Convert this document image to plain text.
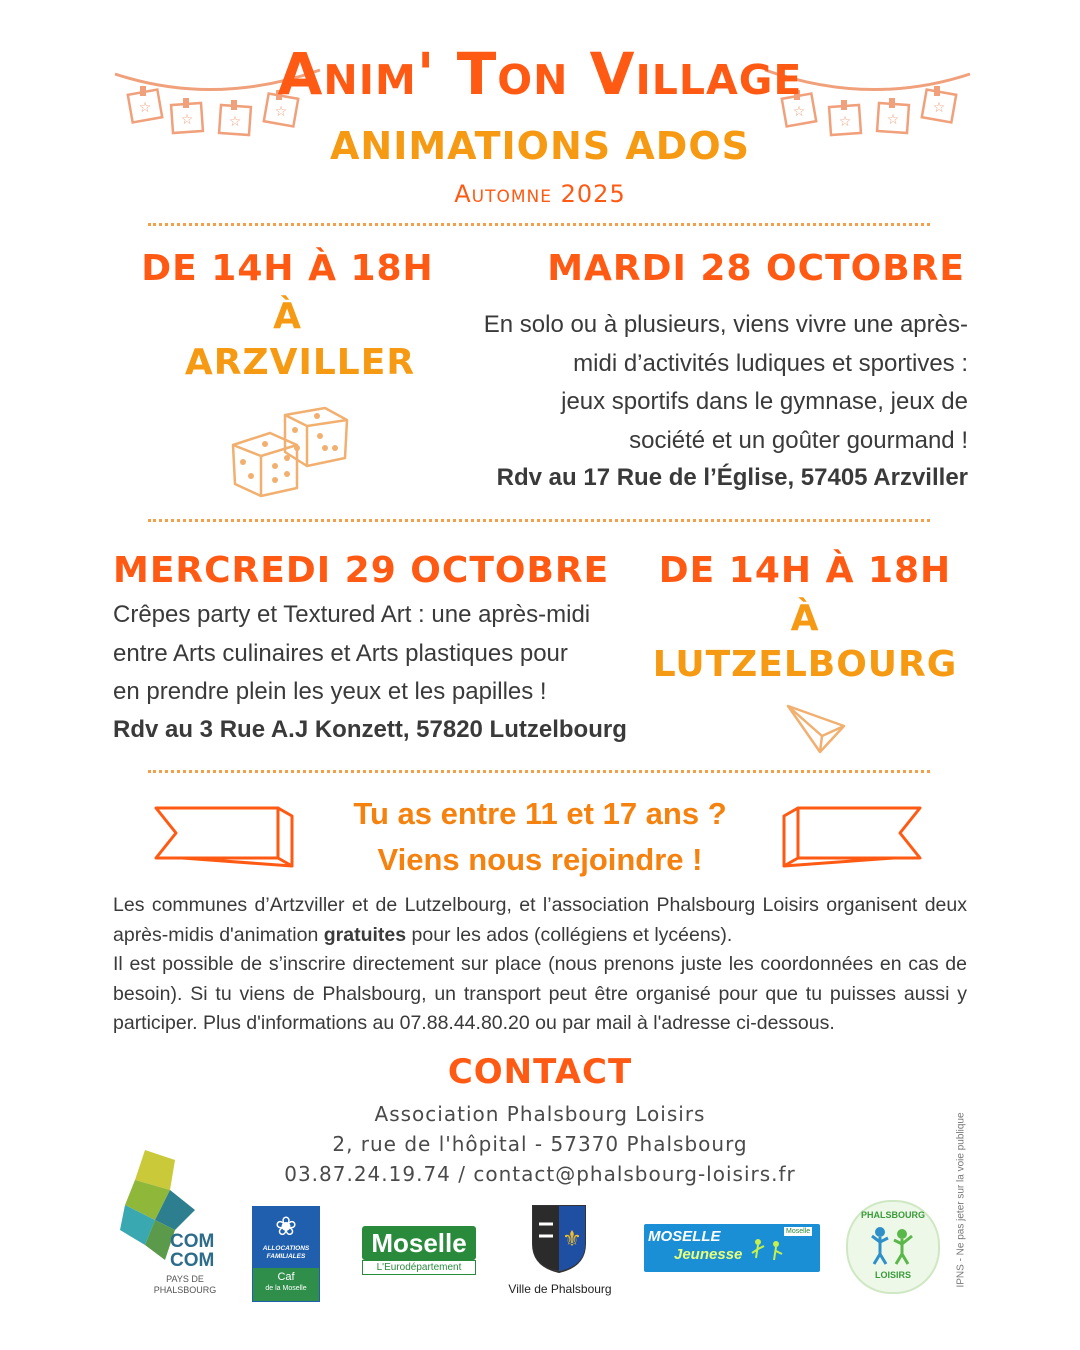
☆
☆	☆
☆	☆
☆	☆
☆
Anim' Ton Village
ANIMATIONS ADOS
Automne 2025
DE 14H À 18H
À
ARZVILLER
MARDI 28 OCTOBRE
En solo ou à plusieurs, viens vivre une après-
midi d’activités ludiques et sportives :
jeux sportifs dans le gymnase, jeux de
société et un goûter gourmand !
Rdv au 17 Rue de l’Église, 57405 Arzviller
MERCREDI 29 OCTOBRE
Crêpes party et Textured Art : une après-midi
entre Arts culinaires et Arts plastiques pour
en prendre plein les yeux et les papilles !
Rdv au 3 Rue A.J Konzett, 57820 Lutzelbourg
DE 14H À 18H
À
LUTZELBOURG
Tu as entre 11 et 17 ans ?
Viens nous rejoindre !
Les communes d’Artzviller et de Lutzelbourg, et l’association Phalsbourg Loisirs organisent deux après-midis d'animation gratuites pour les ados (collégiens et lycéens).
Il est possible de s’inscrire directement sur place (nous prenons juste les coordonnées en cas de besoin). Si tu viens de Phalsbourg, un transport peut être organisé pour que tu puisses aussi y participer. Plus d'informations au 07.88.44.80.20 ou par mail à l'adresse ci-dessous.
CONTACT
Association Phalsbourg Loisirs
2, rue de l'hôpital - 57370 Phalsbourg
03.87.24.19.74 / contact@phalsbourg-loisirs.fr	IPNS - Ne pas jeter sur la voie publique
COM
COM
PAYS DE
PHALSBOURG
❀
ALLOCATIONS
FAMILIALES
Caf
de la Moselle
Moselle
L'Eurodépartement
⚜
Ville de Phalsbourg
MOSELLE
Jeunesse
Moselle
PHALSBOURG
LOISIRS
